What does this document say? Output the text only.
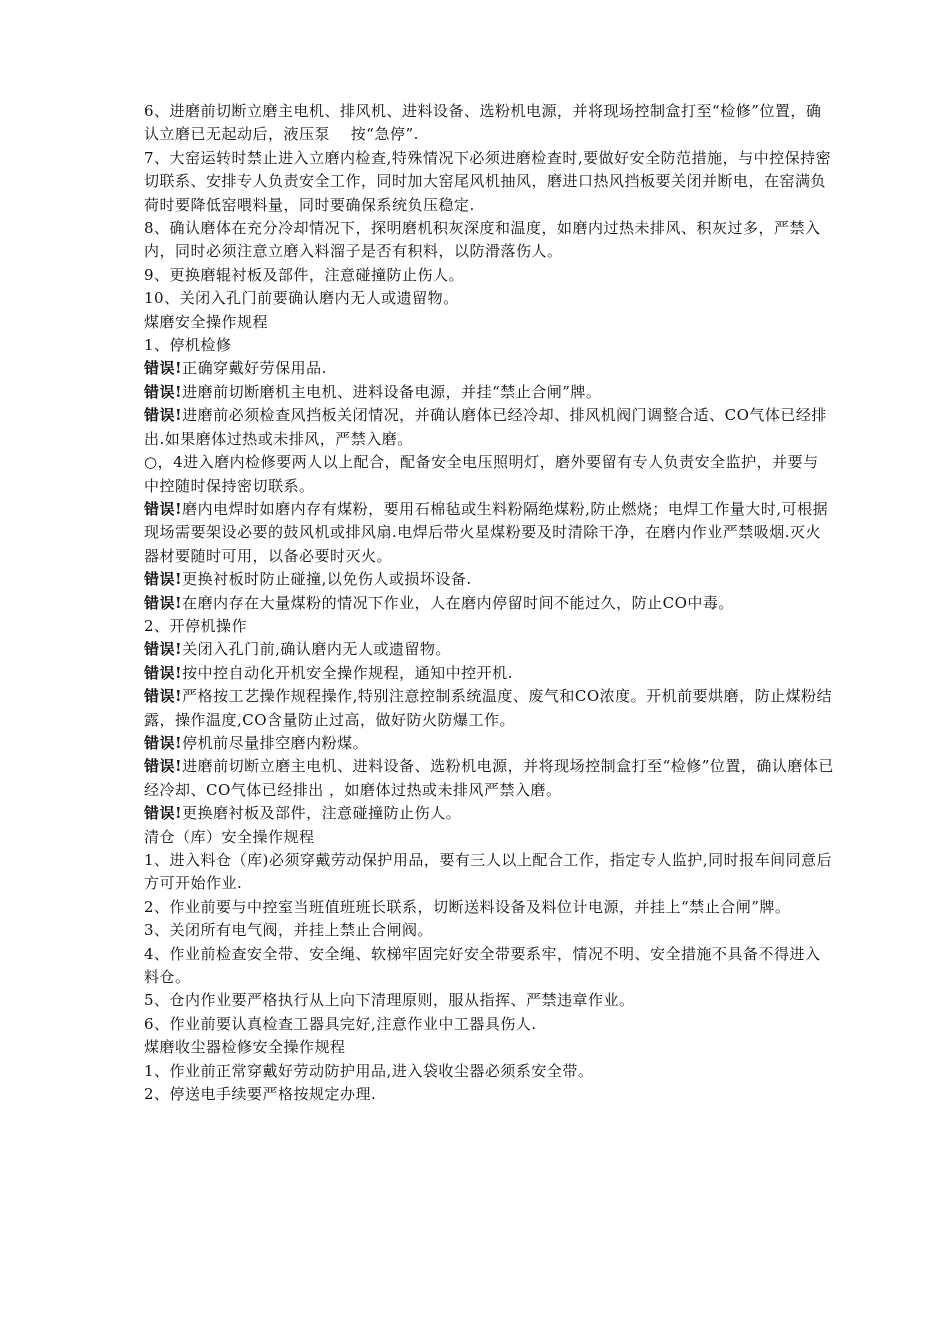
6、进磨前切断立磨主电机、排风机、进料设备、选粉机电源，并将现场控制盒打至“检修”位置，确认立磨已无起动后，液压泵　 按“急停”.

7、大窑运转时禁止进入立磨内检查,特殊情况下必须进磨检查时,要做好安全防范措施，与中控保持密切联系、安排专人负责安全工作，同时加大窑尾风机抽风，磨进口热风挡板要关闭并断电，在窑满负荷时要降低窑喂料量，同时要确保系统负压稳定.

8、确认磨体在充分冷却情况下，探明磨机积灰深度和温度，如磨内过热未排风、积灰过多，严禁入内，同时必须注意立磨入料溜子是否有积料，以防滑落伤人。

9、更换磨辊衬板及部件，注意碰撞防止伤人。

10、关闭入孔门前要确认磨内无人或遗留物。

煤磨安全操作规程

1、停机检修

错误!正确穿戴好劳保用品.

错误!进磨前切断磨机主电机、进料设备电源，并挂“禁止合闸”牌。

错误!进磨前必须检查风挡板关闭情况，并确认磨体已经冷却、排风机阀门调整合适、CO气体已经排出.如果磨体过热或未排风，严禁入磨。

○，4进入磨内检修要两人以上配合，配备安全电压照明灯，磨外要留有专人负责安全监护，并要与中控随时保持密切联系。

错误!磨内电焊时如磨内存有煤粉，要用石棉毡或生料粉隔绝煤粉,防止燃烧；电焊工作量大时,可根据现场需要架设必要的鼓风机或排风扇.电焊后带火星煤粉要及时清除干净，在磨内作业严禁吸烟.灭火器材要随时可用，以备必要时灭火。

错误!更换衬板时防止碰撞,以免伤人或损坏设备.

错误!在磨内存在大量煤粉的情况下作业，人在磨内停留时间不能过久，防止CO中毒。

2、开停机操作

错误!关闭入孔门前,确认磨内无人或遗留物。

错误!按中控自动化开机安全操作规程，通知中控开机.

错误!严格按工艺操作规程操作,特别注意控制系统温度、废气和CO浓度。开机前要烘磨，防止煤粉结露，操作温度,CO含量防止过高，做好防火防爆工作。

错误!停机前尽量排空磨内粉煤。

错误!进磨前切断立磨主电机、进料设备、选粉机电源，并将现场控制盒打至“检修”位置，确认磨体已经冷却、CO气体已经排出 ，如磨体过热或未排风严禁入磨。

错误!更换磨衬板及部件，注意碰撞防止伤人。

清仓（库）安全操作规程

1、进入料仓（库)必须穿戴劳动保护用品，要有三人以上配合工作，指定专人监护,同时报车间同意后方可开始作业.

2、作业前要与中控室当班值班班长联系，切断送料设备及料位计电源，并挂上“禁止合闸”牌。

3、关闭所有电气阀，并挂上禁止合闸阀。

4、作业前检查安全带、安全绳、软梯牢固完好安全带要系牢，情况不明、安全措施不具备不得进入料仓。

5、仓内作业要严格执行从上向下清理原则，服从指挥、严禁违章作业。

6、作业前要认真检查工器具完好,注意作业中工器具伤人.

煤磨收尘器检修安全操作规程

1、作业前正常穿戴好劳动防护用品,进入袋收尘器必须系安全带。

2、停送电手续要严格按规定办理.
